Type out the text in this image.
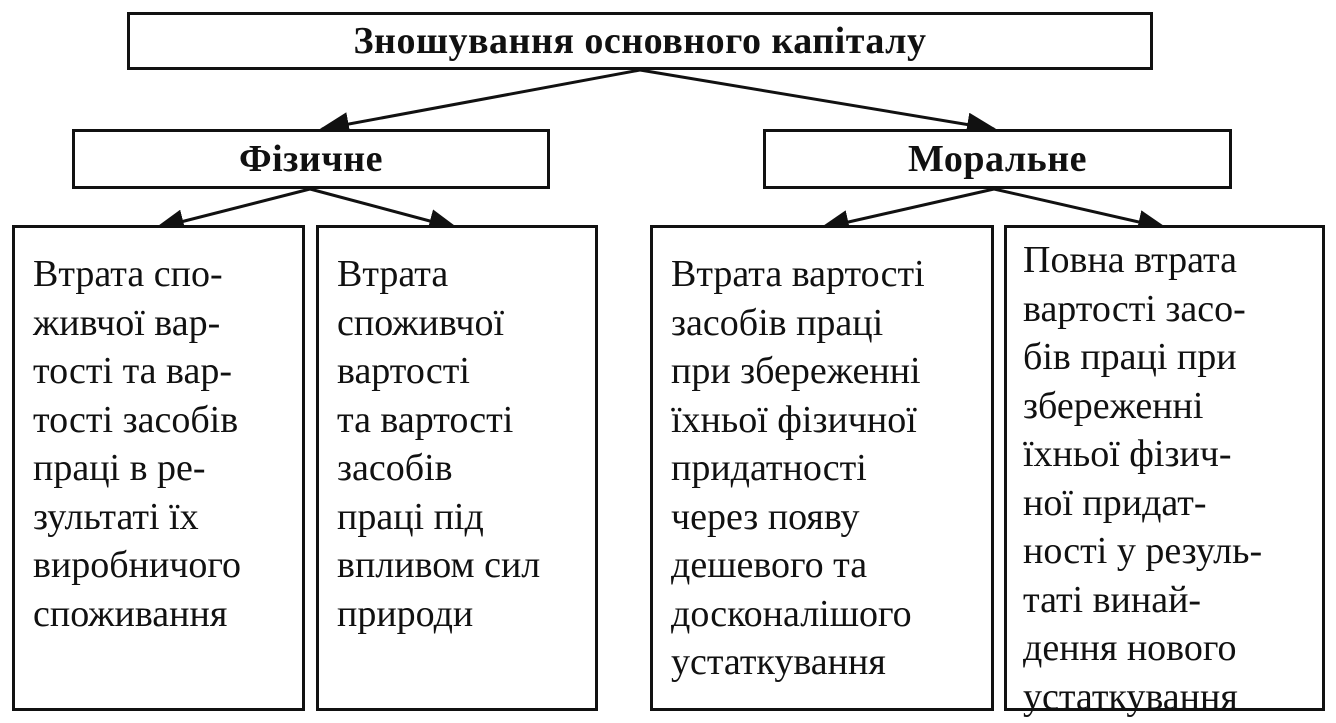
Зношування основного капіталу
Фізичне	Моральне
Втрата спо-
живчої вар-
тості та вар-
тості засобів
праці в ре-
зультаті їх
виробничого
споживання
Втрата
споживчої
вартості
та вартості
засобів
праці під
впливом сил
природи
Втрата вартості
засобів праці
при збереженні
їхньої фізичної
придатності
через появу
дешевого та
досконалішого
устаткування
Повна втрата
вартості засо-
бів праці при
збереженні
їхньої фізич-
ної придат-
ності у резуль-
таті винай-
дення нового
устаткування
